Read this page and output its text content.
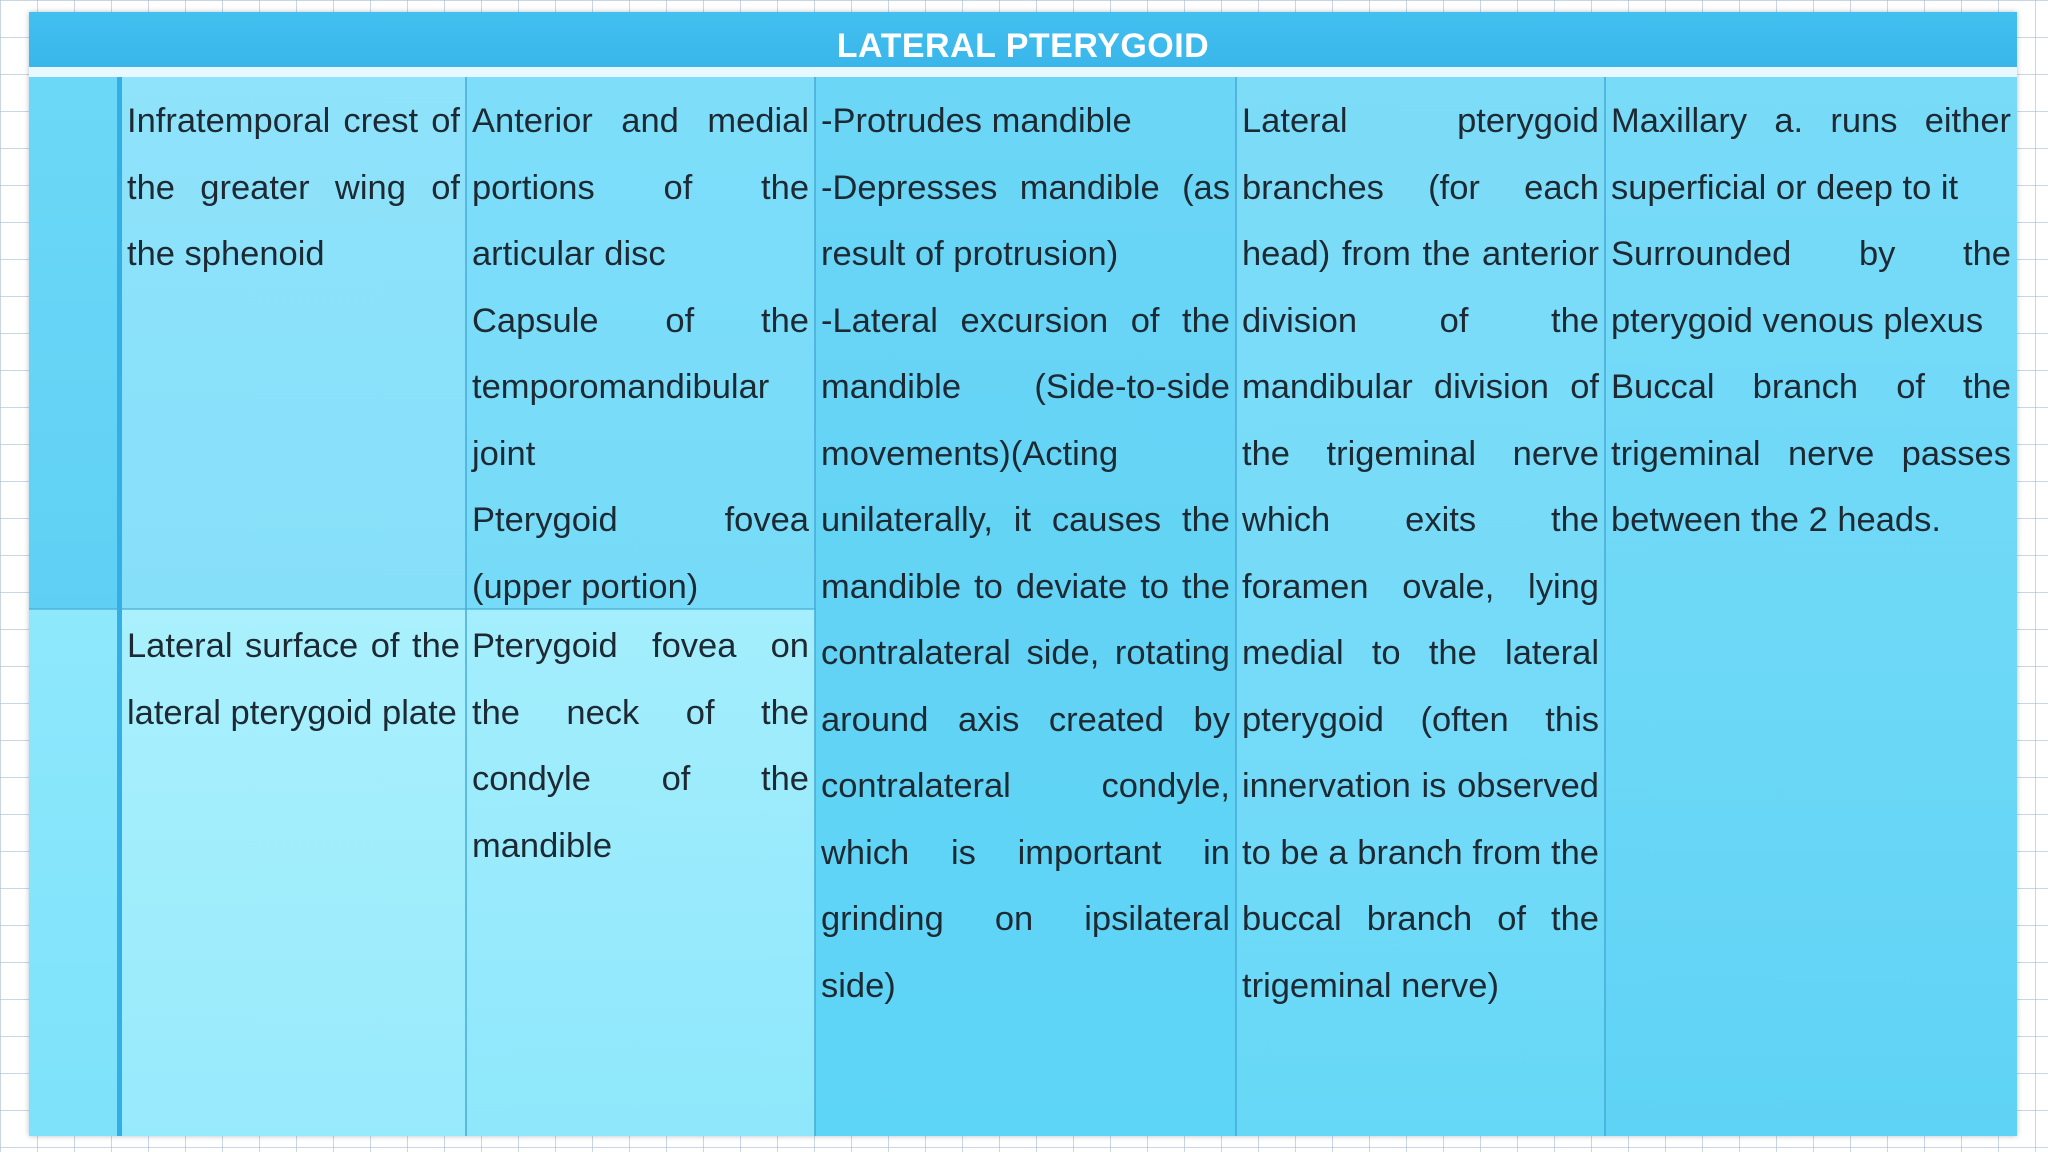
LATERAL PTERYGOID

Infratemporal crest of the greater wing of the sphenoid

Lateral surface of the lateral pterygoid plate

Anterior and medial portions of the articular disc

Capsule of the temporomandibular joint

Pterygoid fovea (upper portion)

Pterygoid fovea on the neck of the condyle of the mandible

-Protrudes mandible

-Depresses mandible (as result of protrusion)

-Lateral excursion of the mandible (Side-to-side movements)(Acting unilaterally, it causes the mandible to deviate to the contralateral side, rotating around axis created by contralateral condyle, which is important in grinding on ipsilateral side)

Lateral pterygoid branches (for each head) from the anterior division of the mandibular division of the trigeminal nerve which exits the foramen ovale, lying medial to the lateral pterygoid (often this innervation is observed to be a branch from the buccal branch of the trigeminal nerve)

Maxillary a. runs either superficial or deep to it

Surrounded by the pterygoid venous plexus

Buccal branch of the trigeminal nerve passes between the 2 heads.
